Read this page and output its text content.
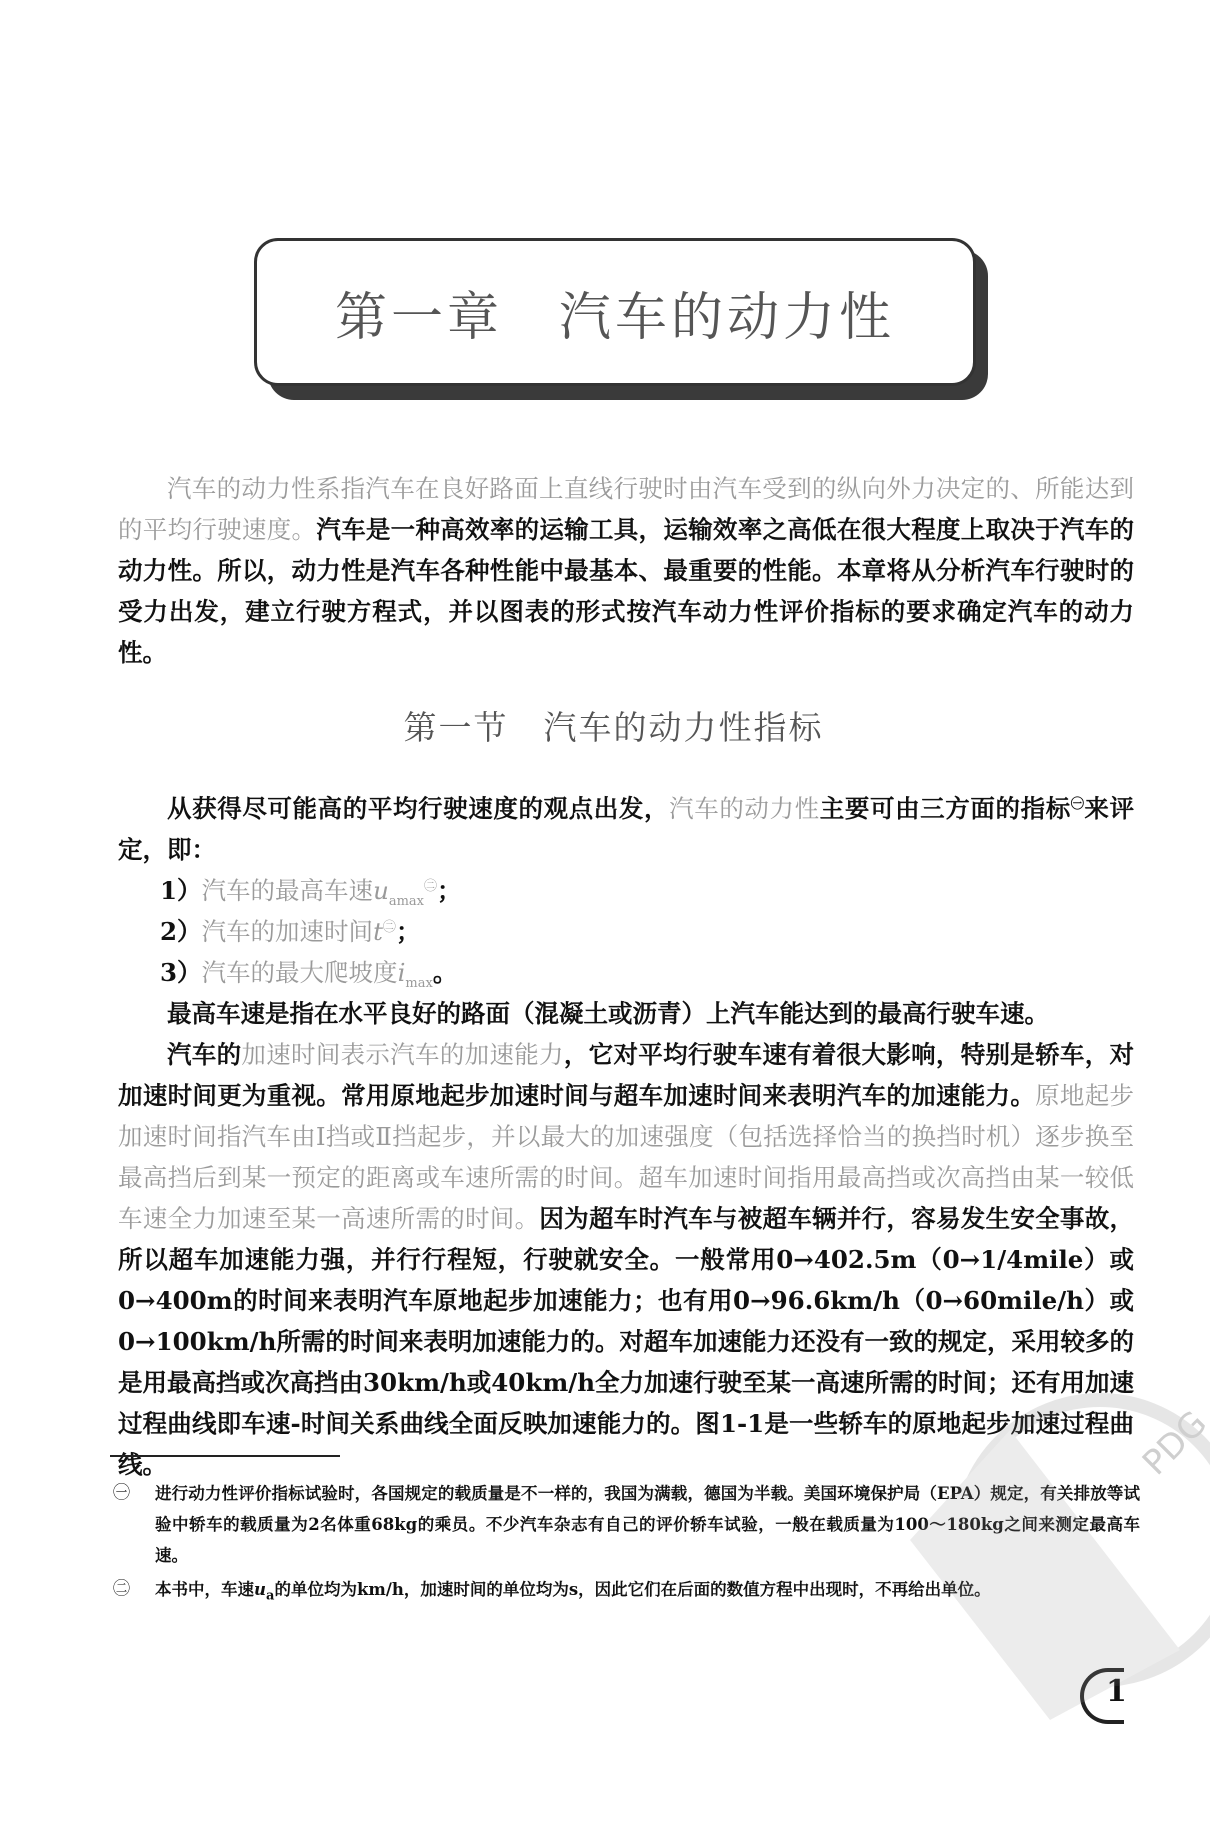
第一章　汽车的动力性

汽车的动力性系指汽车在良好路面上直线行驶时由汽车受到的纵向外力决定的、所能达到的平均行驶速度。汽车是一种高效率的运输工具，运输效率之高低在很大程度上取决于汽车的动力性。所以，动力性是汽车各种性能中最基本、最重要的性能。本章将从分析汽车行驶时的受力出发，建立行驶方程式，并以图表的形式按汽车动力性评价指标的要求确定汽车的动力性。

第一节　汽车的动力性指标

从获得尽可能高的平均行驶速度的观点出发，汽车的动力性主要可由三方面的指标$^㊀$来评定，即：

1）汽车的最高车速$u_{amax}^㊁$；
2）汽车的加速时间$t^㊁$；
3）汽车的最大爬坡度$i_{max}$。

最高车速是指在水平良好的路面（混凝土或沥青）上汽车能达到的最高行驶车速。

汽车的加速时间表示汽车的加速能力，它对平均行驶车速有着很大影响，特别是轿车，对加速时间更为重视。常用原地起步加速时间与超车加速时间来表明汽车的加速能力。原地起步加速时间指汽车由Ⅰ挡或Ⅱ挡起步，并以最大的加速强度（包括选择恰当的换挡时机）逐步换至最高挡后到某一预定的距离或车速所需的时间。超车加速时间指用最高挡或次高挡由某一较低车速全力加速至某一高速所需的时间。因为超车时汽车与被超车辆并行，容易发生安全事故，所以超车加速能力强，并行行程短，行驶就安全。一般常用0→402.5m（0→1/4mile）或0→400m的时间来表明汽车原地起步加速能力；也有用0→96.6km/h（0→60mile/h）或0→100km/h所需的时间来表明加速能力的。对超车加速能力还没有一致的规定，采用较多的是用最高挡或次高挡由30km/h或40km/h全力加速行驶至某一高速所需的时间；还有用加速过程曲线即车速-时间关系曲线全面反映加速能力的。图1-1是一些轿车的原地起步加速过程曲线。

㊀ 进行动力性评价指标试验时，各国规定的载质量是不一样的，我国为满载，德国为半载。美国环境保护局（EPA）规定，有关排放等试验中轿车的载质量为2名体重68kg的乘员。不少汽车杂志有自己的评价轿车试验，一般在载质量为100～180kg之间来测定最高车速。

㊁ 本书中，车速$u_a$的单位均为km/h，加速时间的单位均为s，因此它们在后面的数值方程中出现时，不再给出单位。

1
PDG
